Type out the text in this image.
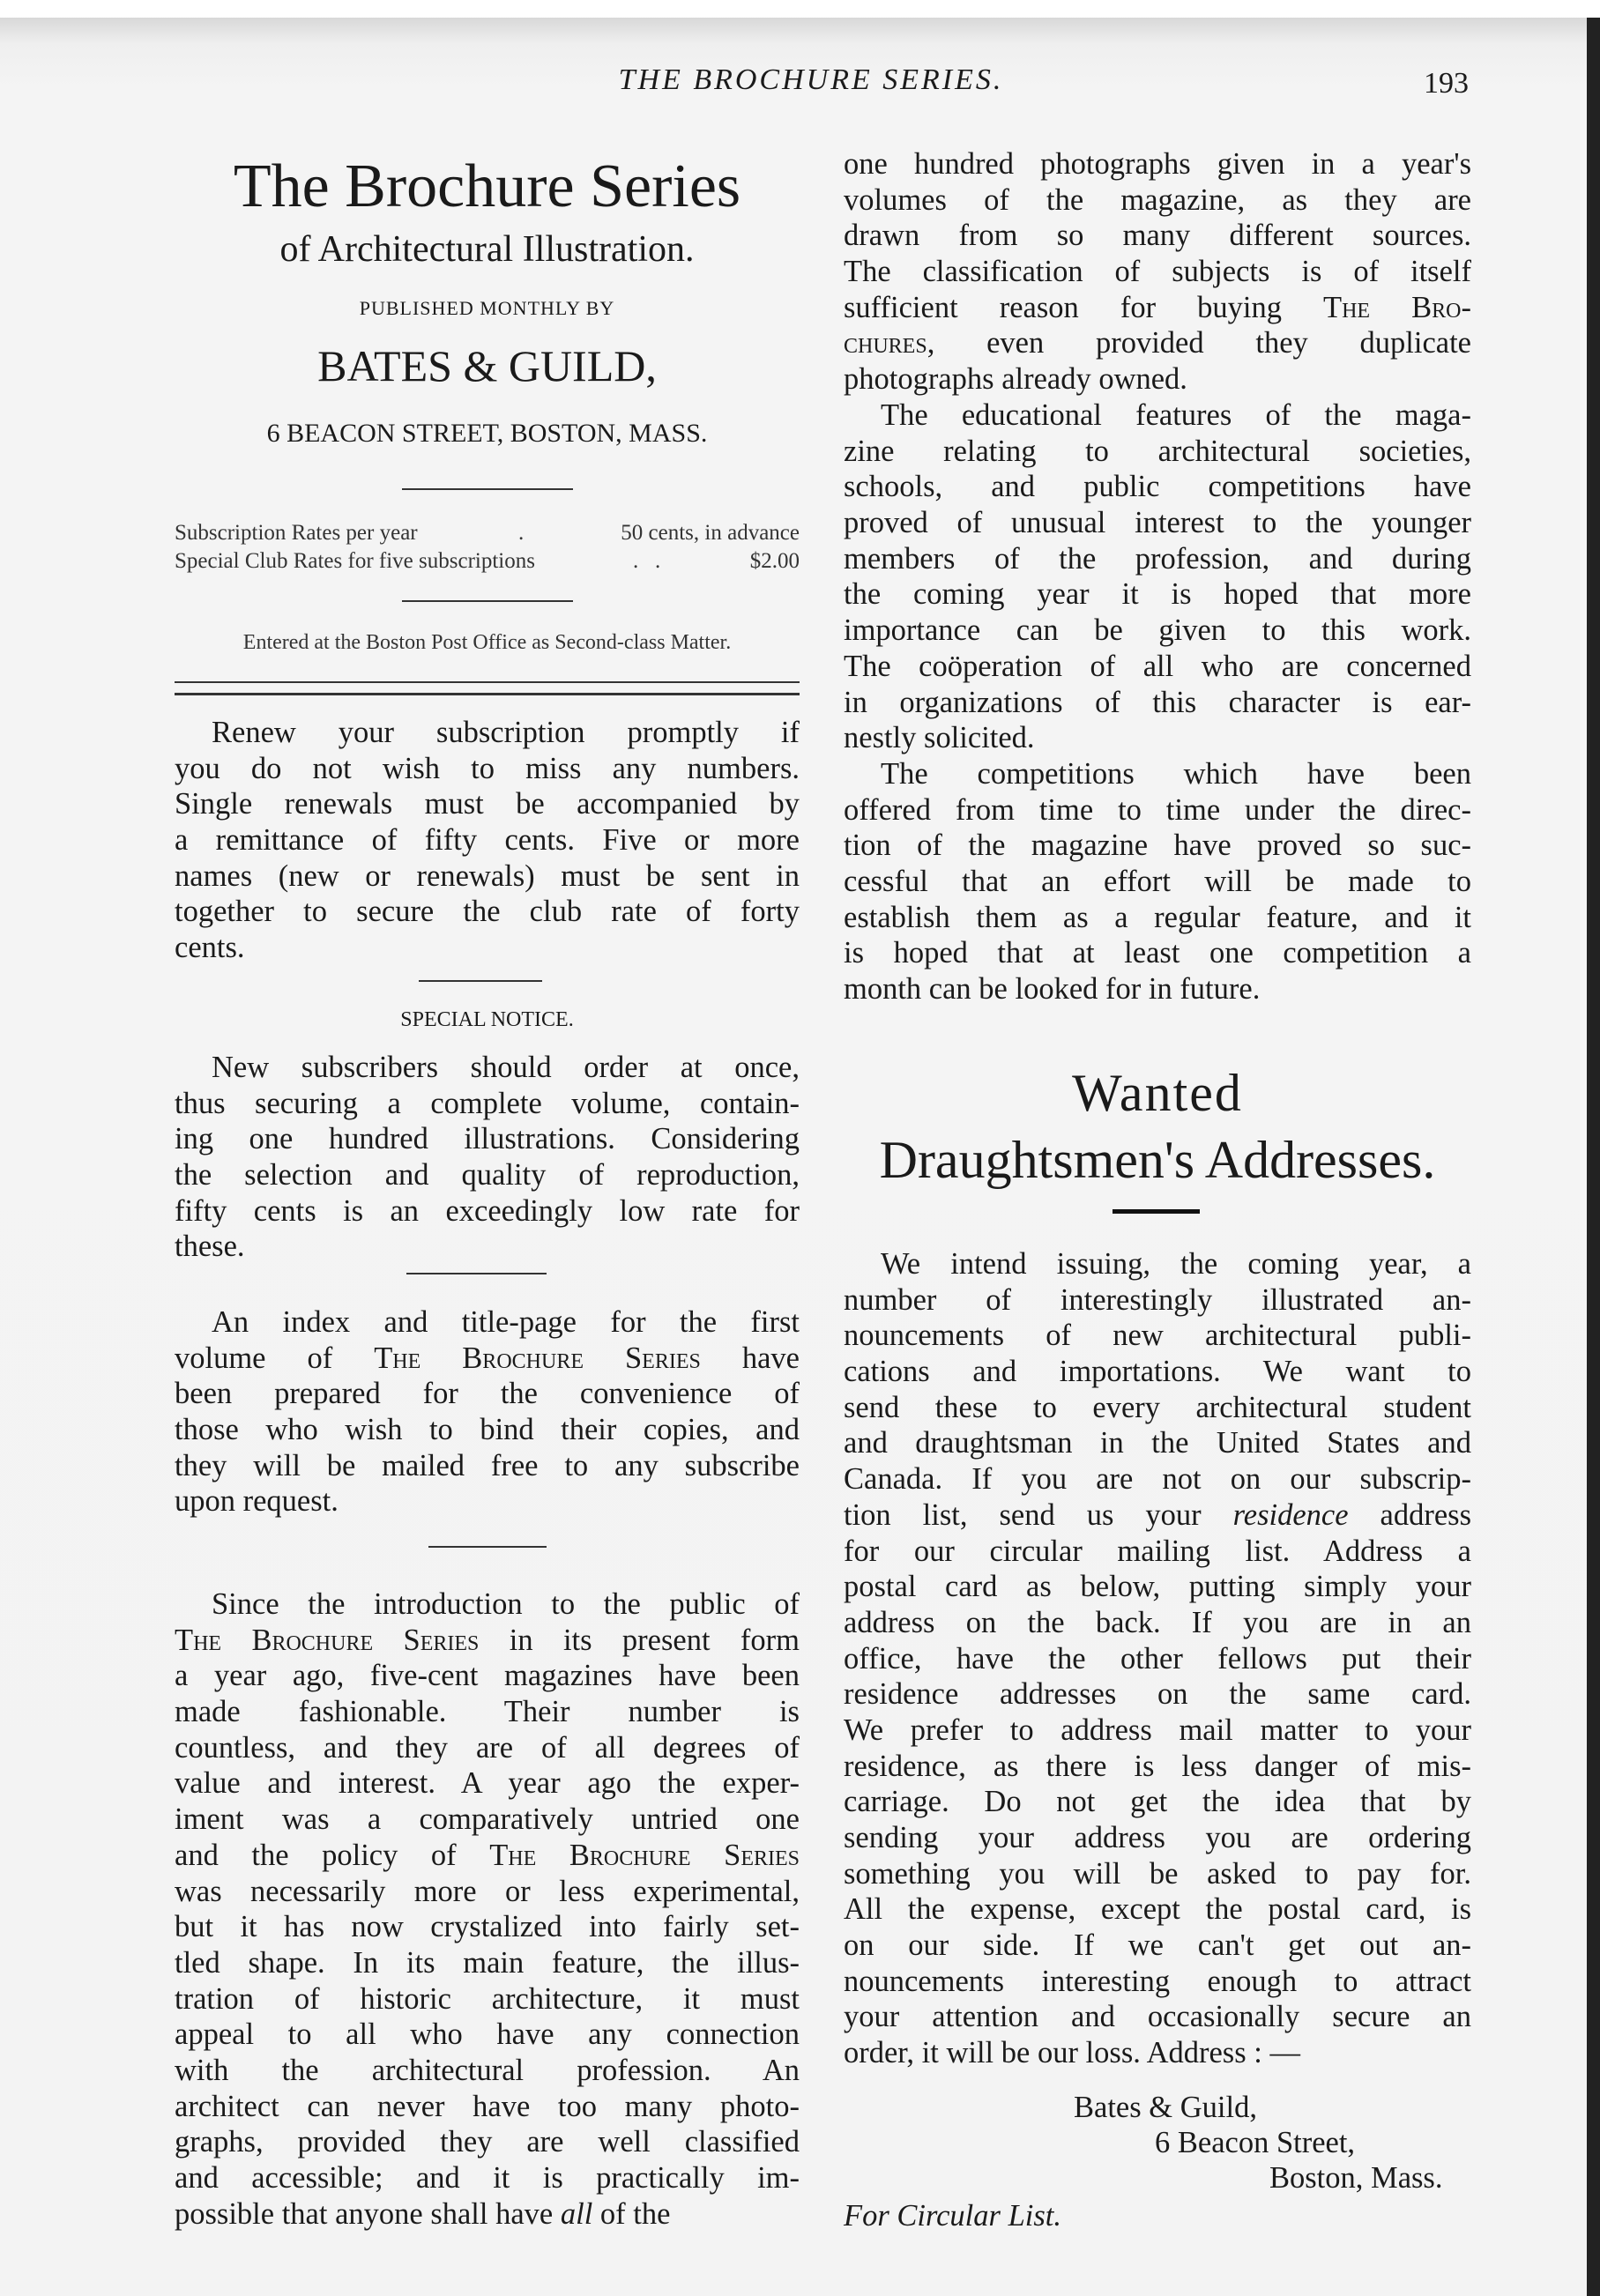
THE BROCHURE SERIES.	193
The Brochure Series
of Architectural Illustration.
PUBLISHED MONTHLY BY
BATES & GUILD,
6 BEACON STREET, BOSTON, MASS.
Subscription Rates per year	.	50 cents, in advance
Special Club Rates for five subscriptions	.   .	$2.00
Entered at the Boston Post Office as Second-class Matter.
Renew your subscription promptly if
you do not wish to miss any numbers.
Single renewals must be accompanied by
a remittance of fifty cents. Five or more
names (new or renewals) must be sent in
together to secure the club rate of forty
cents.
SPECIAL NOTICE.
New subscribers should order at once,
thus securing a complete volume, contain-
ing one hundred illustrations. Considering
the selection and quality of reproduction,
fifty cents is an exceedingly low rate for
these.
An index and title-page for the first
volume of The Brochure Series have
been prepared for the convenience of
those who wish to bind their copies, and
they will be mailed free to any subscribe
upon request.
Since the introduction to the public of
The Brochure Series in its present form
a year ago, five-cent magazines have been
made fashionable. Their number is
countless, and they are of all degrees of
value and interest. A year ago the exper-
iment was a comparatively untried one
and the policy of The Brochure Series
was necessarily more or less experimental,
but it has now crystalized into fairly set-
tled shape. In its main feature, the illus-
tration of historic architecture, it must
appeal to all who have any connection
with the architectural profession. An
architect can never have too many photo-
graphs, provided they are well classified
and accessible; and it is practically im-
possible that anyone shall have all of the
one hundred photographs given in a year's
volumes of the magazine, as they are
drawn from so many different sources.
The classification of subjects is of itself
sufficient reason for buying The Bro-
chures, even provided they duplicate
photographs already owned.
The educational features of the maga-
zine relating to architectural societies,
schools, and public competitions have
proved of unusual interest to the younger
members of the profession, and during
the coming year it is hoped that more
importance can be given to this work.
The coöperation of all who are concerned
in organizations of this character is ear-
nestly solicited.
The competitions which have been
offered from time to time under the direc-
tion of the magazine have proved so suc-
cessful that an effort will be made to
establish them as a regular feature, and it
is hoped that at least one competition a
month can be looked for in future.
Wanted
Draughtsmen's Addresses.
We intend issuing, the coming year, a
number of interestingly illustrated an-
nouncements of new architectural publi-
cations and importations. We want to
send these to every architectural student
and draughtsman in the United States and
Canada. If you are not on our subscrip-
tion list, send us your residence address
for our circular mailing list. Address a
postal card as below, putting simply your
address on the back. If you are in an
office, have the other fellows put their
residence addresses on the same card.
We prefer to address mail matter to your
residence, as there is less danger of mis-
carriage. Do not get the idea that by
sending your address you are ordering
something you will be asked to pay for.
All the expense, except the postal card, is
on our side. If we can't get out an-
nouncements interesting enough to attract
your attention and occasionally secure an
order, it will be our loss. Address : —
Bates & Guild,
6 Beacon Street,
Boston, Mass.
For Circular List.
